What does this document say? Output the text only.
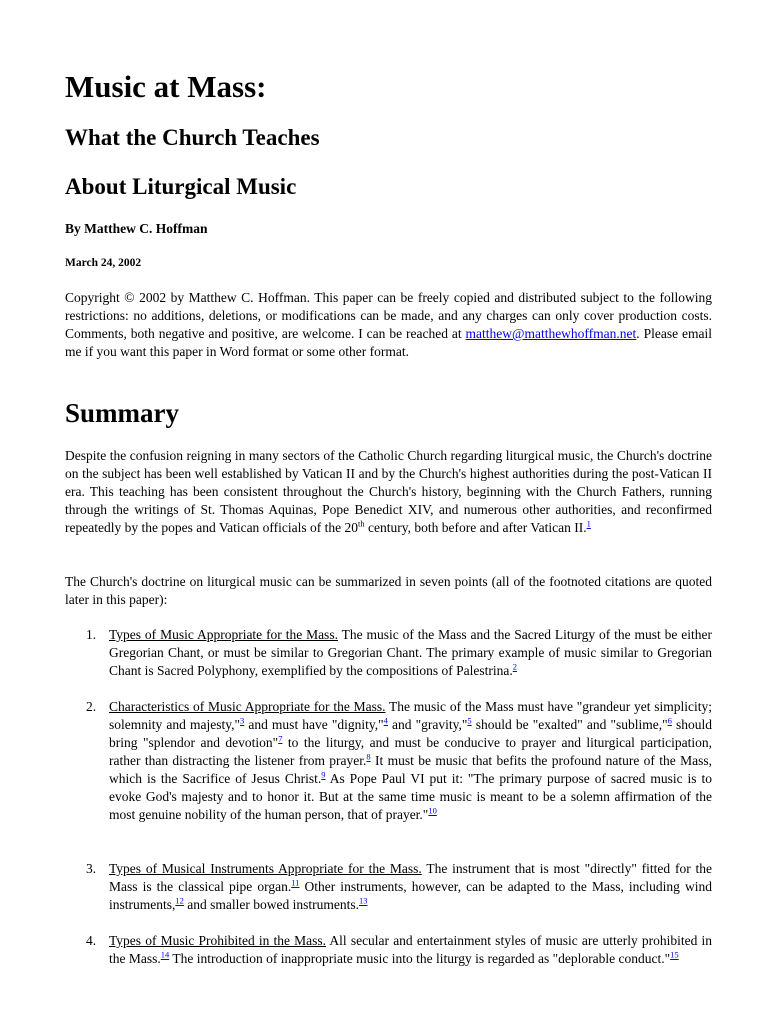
Music at Mass:
What the Church Teaches
About Liturgical Music

By Matthew C. Hoffman

March 24, 2002

Copyright © 2002 by Matthew C. Hoffman. This paper can be freely copied and distributed subject to the following restrictions: no additions, deletions, or modifications can be made, and any charges can only cover production costs. Comments, both negative and positive, are welcome. I can be reached at matthew@matthewhoffman.net. Please email me if you want this paper in Word format or some other format.

Summary

Despite the confusion reigning in many sectors of the Catholic Church regarding liturgical music, the Church's doctrine on the subject has been well established by Vatican II and by the Church's highest authorities during the post-Vatican II era. This teaching has been consistent throughout the Church's history, beginning with the Church Fathers, running through the writings of St. Thomas Aquinas, Pope Benedict XIV, and numerous other authorities, and reconfirmed repeatedly by the popes and Vatican officials of the 20th century, both before and after Vatican II.$^1$

The Church's doctrine on liturgical music can be summarized in seven points (all of the footnoted citations are quoted later in this paper):

1. Types of Music Appropriate for the Mass. The music of the Mass and the Sacred Liturgy of the must be either Gregorian Chant, or must be similar to Gregorian Chant. The primary example of music similar to Gregorian Chant is Sacred Polyphony, exemplified by the compositions of Palestrina.$^2$
2. Characteristics of Music Appropriate for the Mass. The music of the Mass must have "grandeur yet simplicity; solemnity and majesty,"$^3$ and must have "dignity,"$^4$ and "gravity,"$^5$ should be "exalted" and "sublime,"$^6$ should bring "splendor and devotion"$^7$ to the liturgy, and must be conducive to prayer and liturgical participation, rather than distracting the listener from prayer.$^8$ It must be music that befits the profound nature of the Mass, which is the Sacrifice of Jesus Christ.$^9$ As Pope Paul VI put it: "The primary purpose of sacred music is to evoke God's majesty and to honor it. But at the same time music is meant to be a solemn affirmation of the most genuine nobility of the human person, that of prayer."$^{10}$
3. Types of Musical Instruments Appropriate for the Mass. The instrument that is most "directly" fitted for the Mass is the classical pipe organ.$^{11}$ Other instruments, however, can be adapted to the Mass, including wind instruments,$^{12}$ and smaller bowed instruments.$^{13}$
4. Types of Music Prohibited in the Mass. All secular and entertainment styles of music are utterly prohibited in the Mass.$^{14}$ The introduction of inappropriate music into the liturgy is regarded as "deplorable conduct."$^{15}$
